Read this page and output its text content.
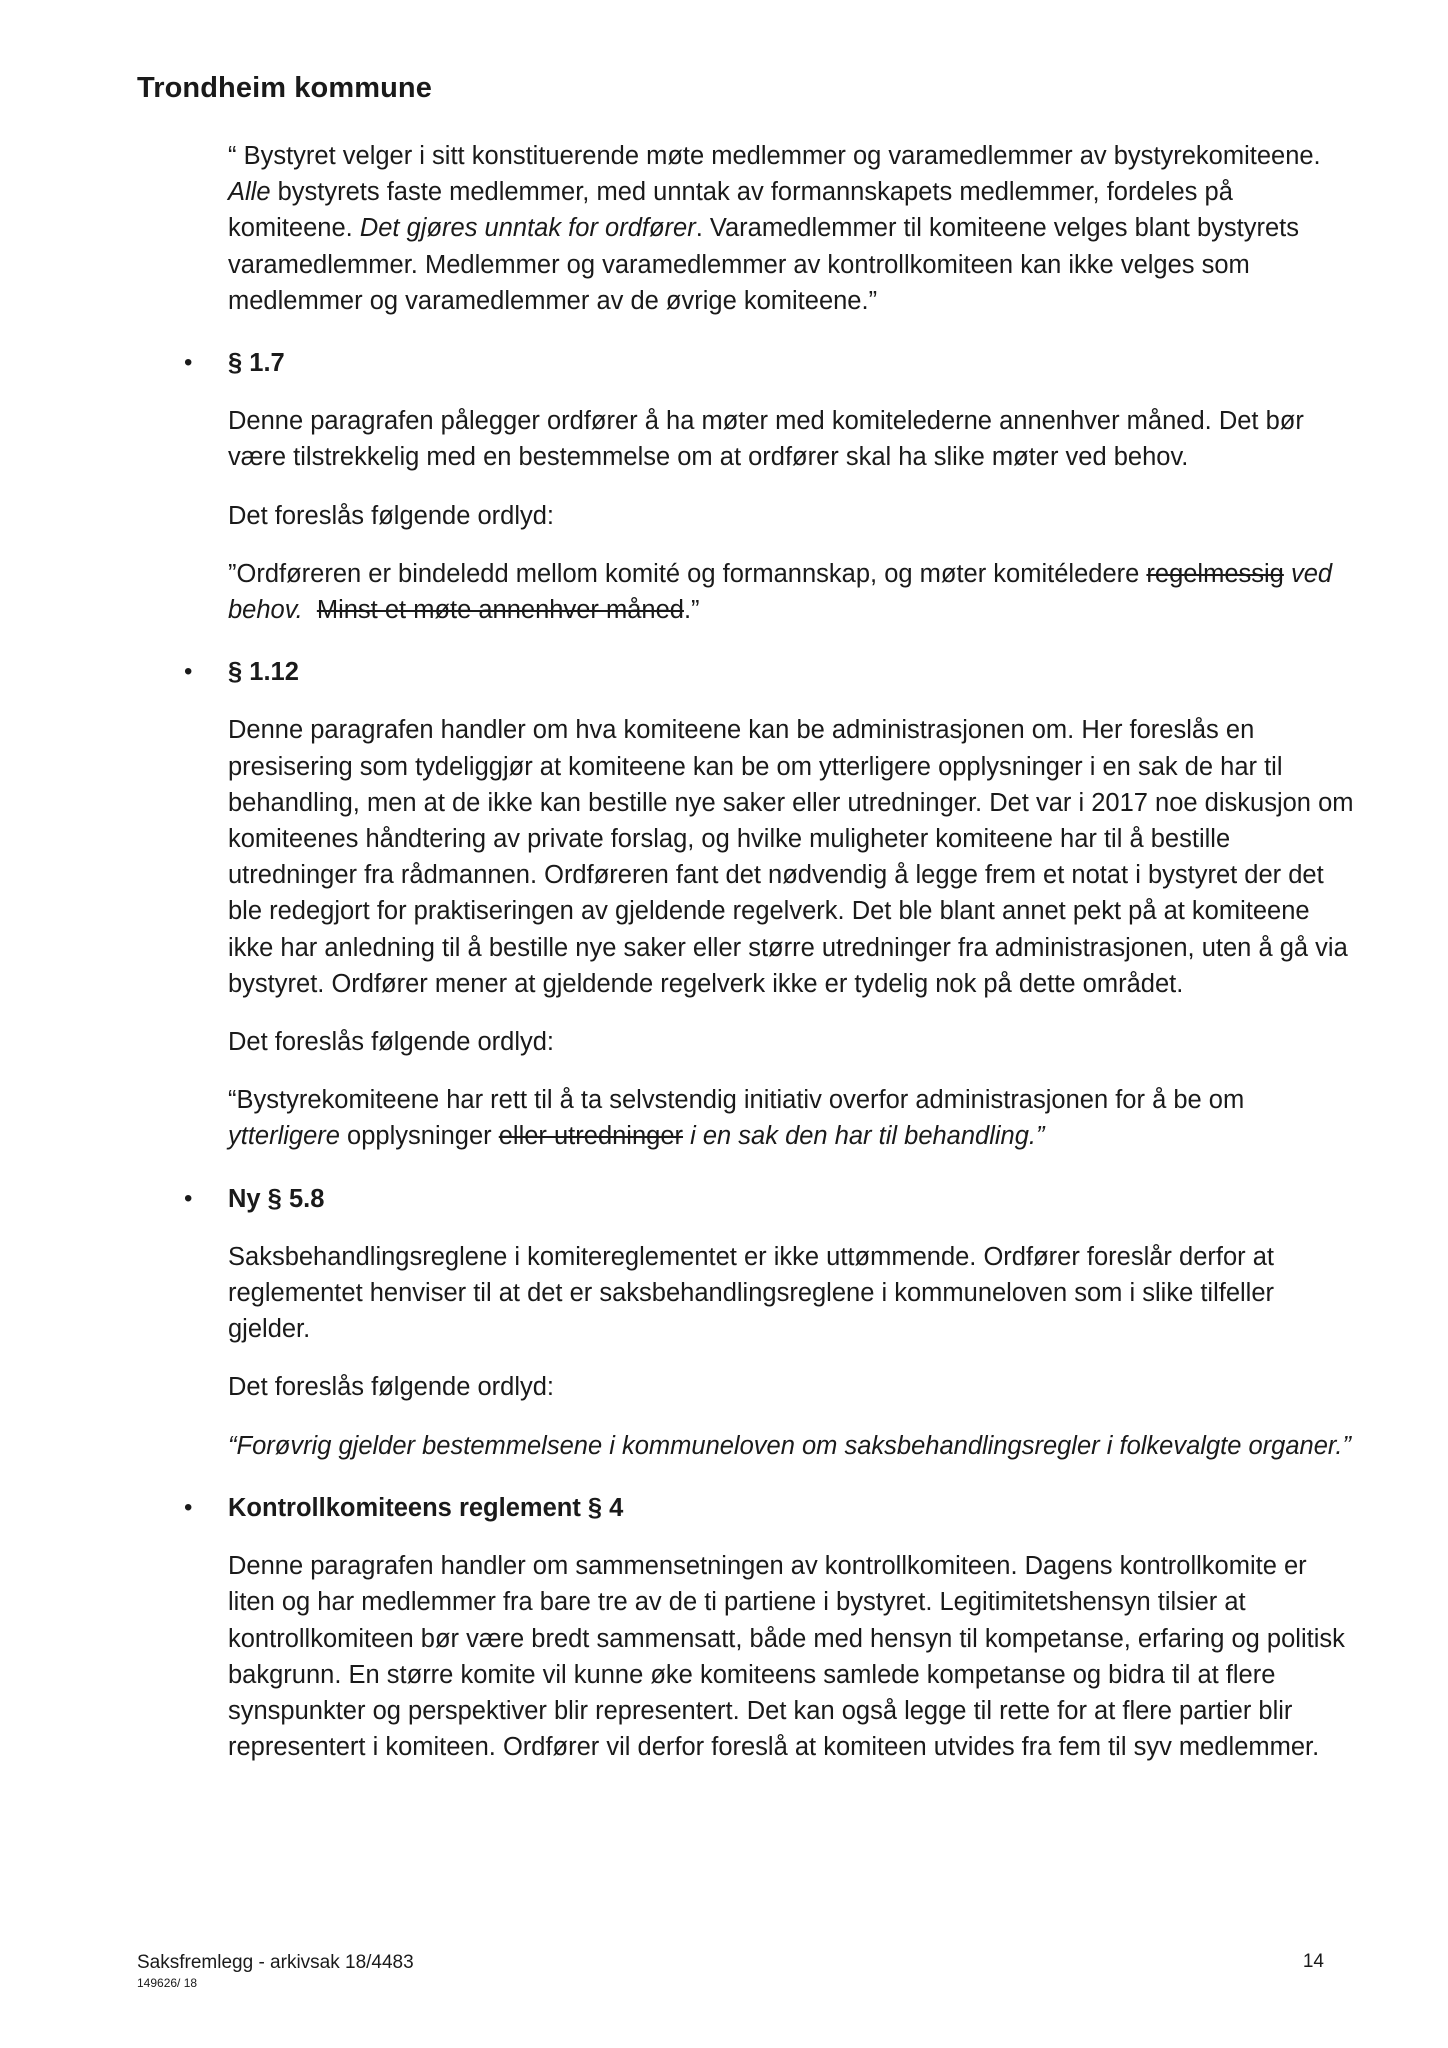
Trondheim kommune

“ Bystyret velger i sitt konstituerende møte medlemmer og varamedlemmer av bystyrekomiteene. Alle bystyrets faste medlemmer, med unntak av formannskapets medlemmer, fordeles på komiteene. Det gjøres unntak for ordfører. Varamedlemmer til komiteene velges blant bystyrets varamedlemmer. Medlemmer og varamedlemmer av kontrollkomiteen kan ikke velges som medlemmer og varamedlemmer av de øvrige komiteene.”

• § 1.7

Denne paragrafen pålegger ordfører å ha møter med komitelederne annenhver måned. Det bør være tilstrekkelig med en bestemmelse om at ordfører skal ha slike møter ved behov.

Det foreslås følgende ordlyd:

”Ordføreren er bindeledd mellom komité og formannskap, og møter komitéledere regelmessig ved behov. Minst et møte annenhver måned.”

• § 1.12

Denne paragrafen handler om hva komiteene kan be administrasjonen om. Her foreslås en presisering som tydeliggjør at komiteene kan be om ytterligere opplysninger i en sak de har til behandling, men at de ikke kan bestille nye saker eller utredninger. Det var i 2017 noe diskusjon om komiteenes håndtering av private forslag, og hvilke muligheter komiteene har til å bestille utredninger fra rådmannen. Ordføreren fant det nødvendig å legge frem et notat i bystyret der det ble redegjort for praktiseringen av gjeldende regelverk. Det ble blant annet pekt på at komiteene ikke har anledning til å bestille nye saker eller større utredninger fra administrasjonen, uten å gå via bystyret. Ordfører mener at gjeldende regelverk ikke er tydelig nok på dette området.

Det foreslås følgende ordlyd:

“Bystyrekomiteene har rett til å ta selvstendig initiativ overfor administrasjonen for å be om ytterligere opplysninger eller utredninger i en sak den har til behandling.”

• Ny § 5.8

Saksbehandlingsreglene i komitereglementet er ikke uttømmende. Ordfører foreslår derfor at reglementet henviser til at det er saksbehandlingsreglene i kommuneloven som i slike tilfeller gjelder.

Det foreslås følgende ordlyd:

“Forøvrig gjelder bestemmelsene i kommuneloven om saksbehandlingsregler i folkevalgte organer.”

• Kontrollkomiteens reglement § 4

Denne paragrafen handler om sammensetningen av kontrollkomiteen. Dagens kontrollkomite er liten og har medlemmer fra bare tre av de ti partiene i bystyret. Legitimitetshensyn tilsier at kontrollkomiteen bør være bredt sammensatt, både med hensyn til kompetanse, erfaring og politisk bakgrunn. En større komite vil kunne øke komiteens samlede kompetanse og bidra til at flere synspunkter og perspektiver blir representert. Det kan også legge til rette for at flere partier blir representert i komiteen. Ordfører vil derfor foreslå at komiteen utvides fra fem til syv medlemmer.

Saksfremlegg - arkivsak 18/4483
149626/ 18
14
